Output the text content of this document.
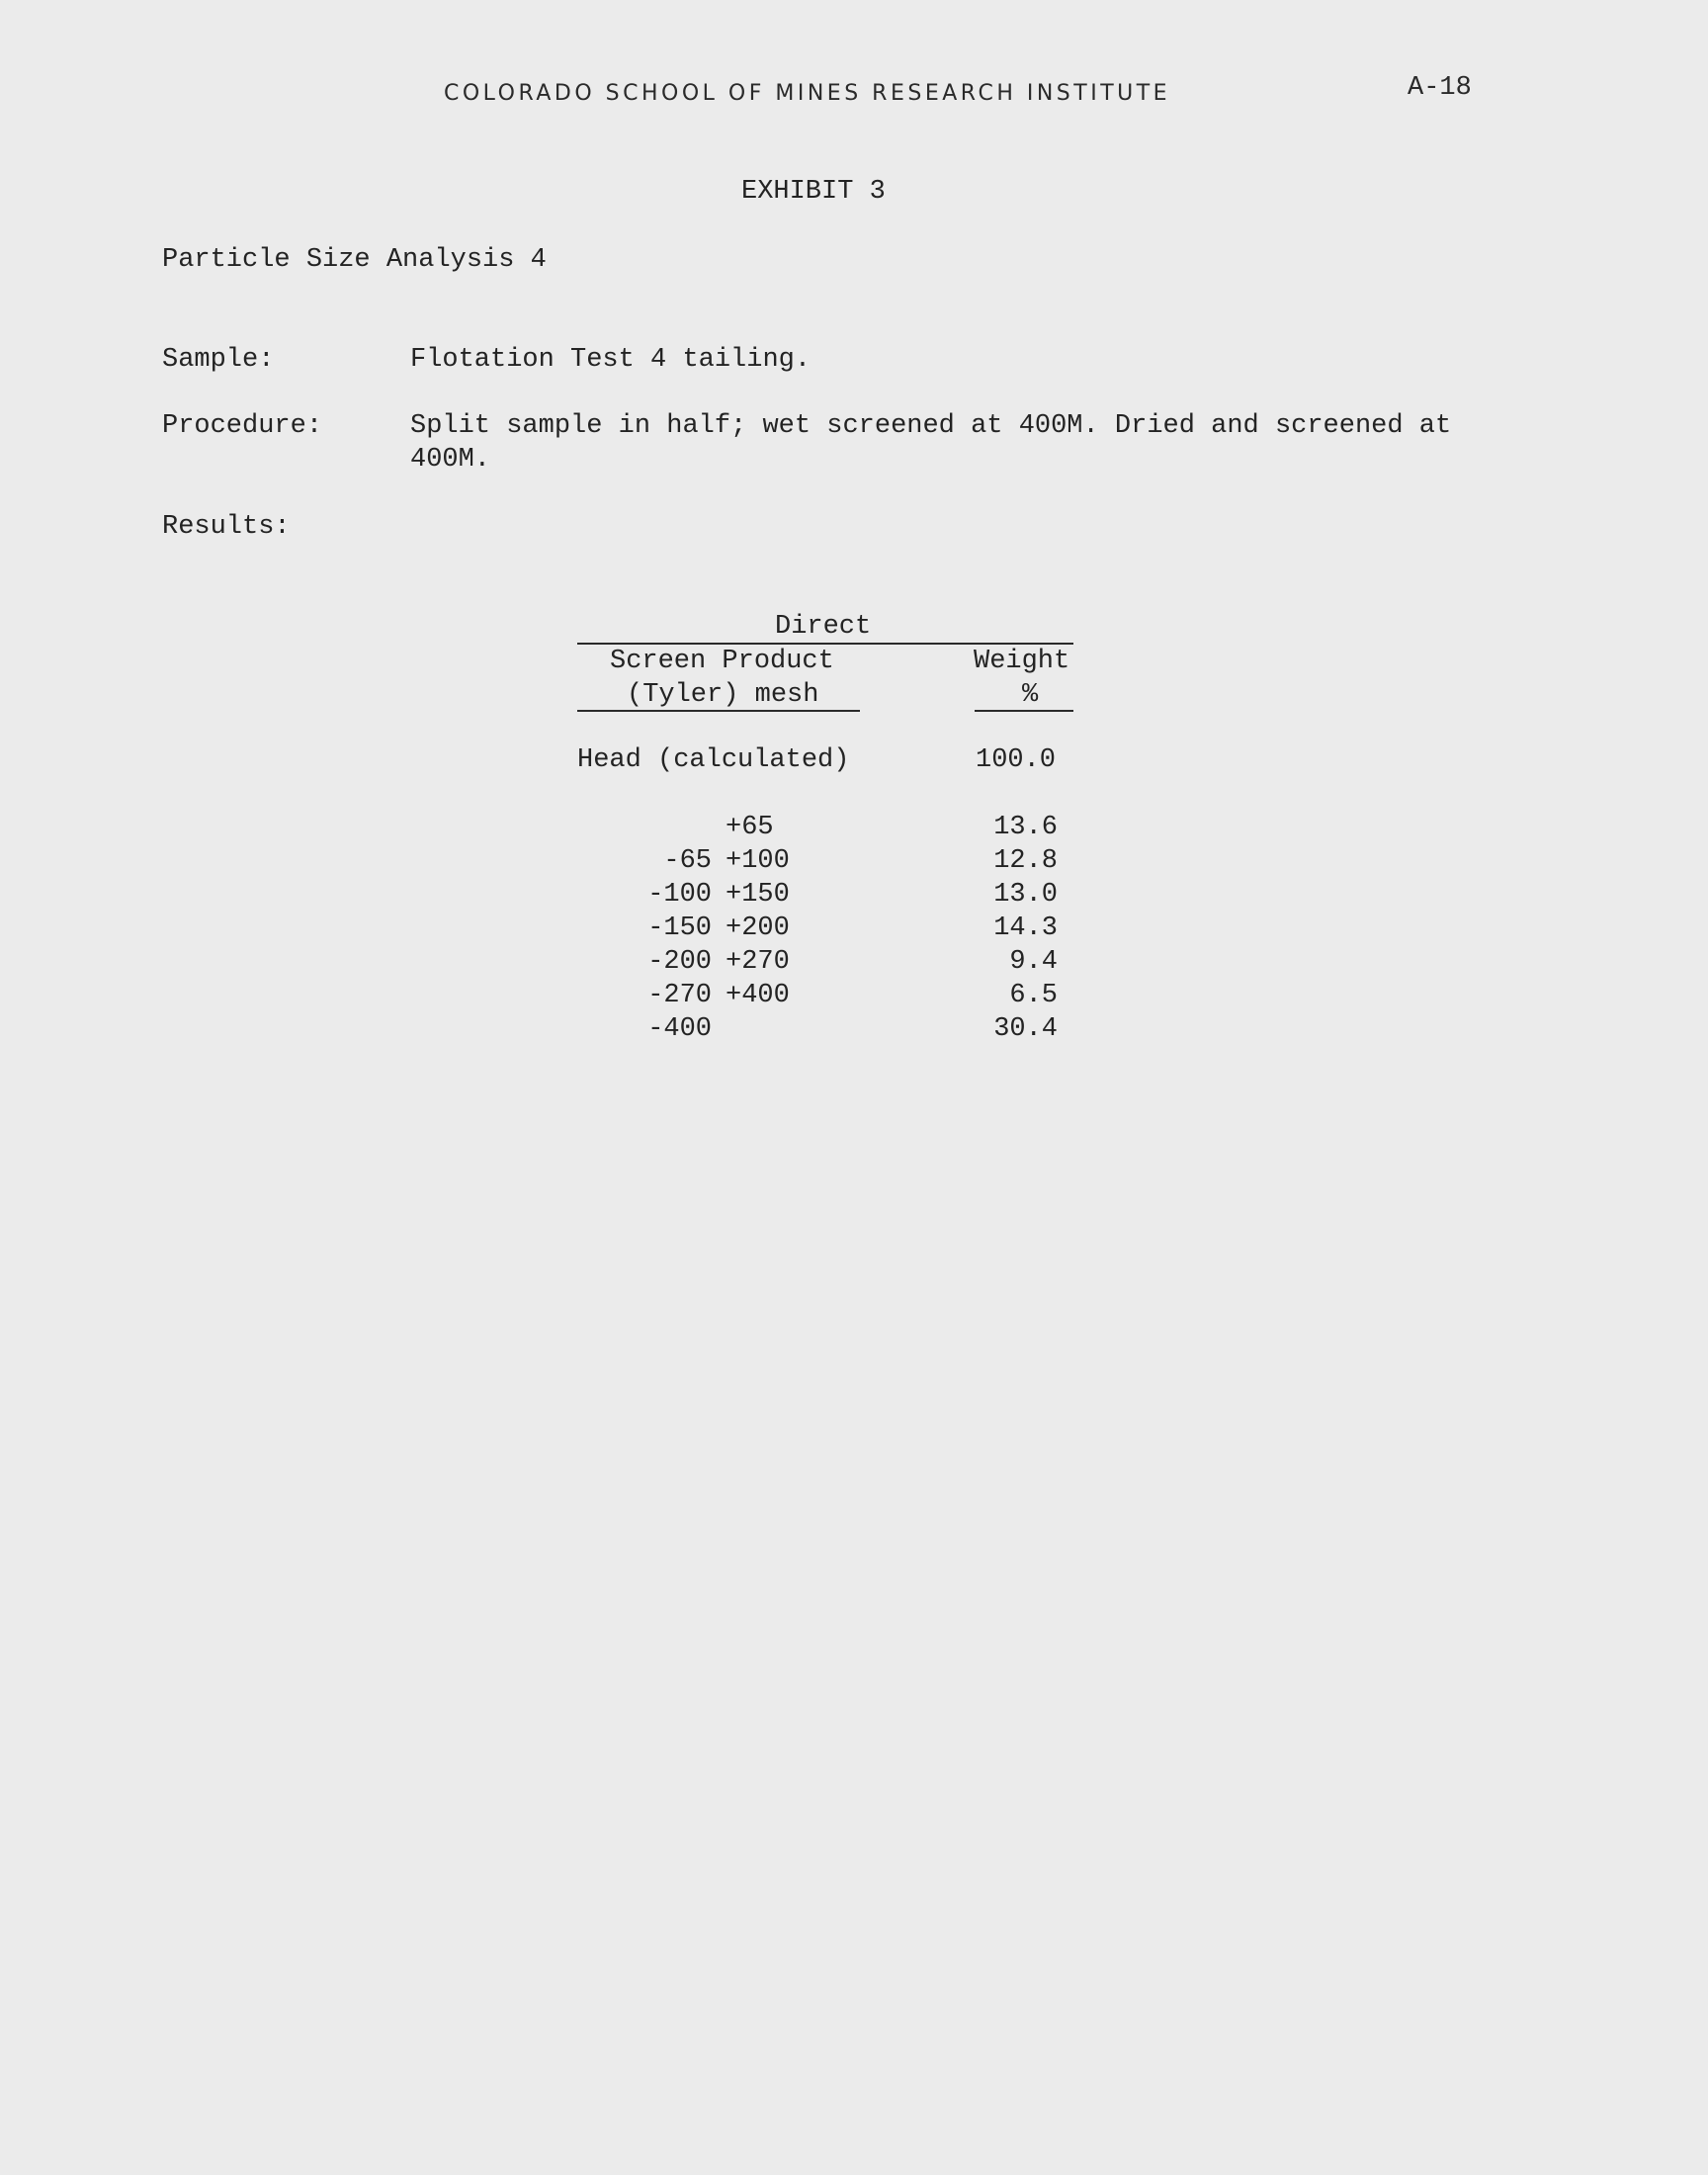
COLORADO SCHOOL OF MINES RESEARCH INSTITUTE	A-18
EXHIBIT 3
Particle Size Analysis 4
Sample:	Flotation Test 4 tailing.
Procedure:	Split sample in half; wet screened at 400M. Dried and screened at 400M.
Results:
Direct
Screen Product
(Tyler) mesh
Weight
%
Head (calculated)	100.0
+65	13.6
-65 +100	12.8
-100 +150	13.0
-150 +200	14.3
-200 +270	9.4
-270 +400	6.5
-400	30.4
